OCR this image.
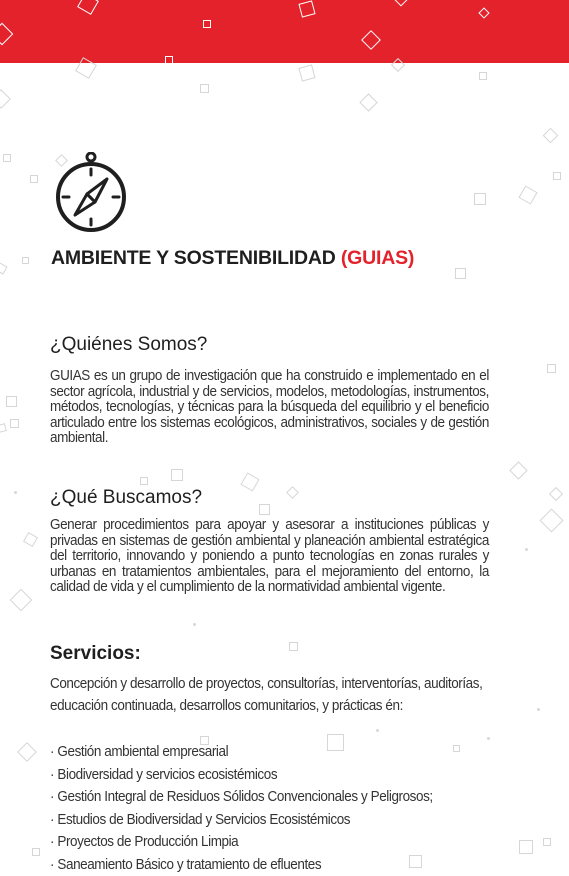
AMBIENTE Y SOSTENIBILIDAD (GUIAS)
¿Quiénes Somos?

GUIAS es un grupo de investigación que ha construido e implementado en el sector agrícola, industrial y de servicios, modelos, metodologías, instrumentos, métodos, tecnologías, y técnicas para la búsqueda del equilibrio y el beneficio articulado entre los sistemas ecológicos, administrativos, sociales y de gestión ambiental.

¿Qué Buscamos?

Generar procedimientos para apoyar y asesorar a instituciones públicas y privadas en sistemas de gestión ambiental y planeación ambiental estratégica del territorio, innovando y poniendo a punto tecnologías en zonas rurales y urbanas en tratamientos ambientales, para el mejoramiento del entorno, la calidad de vida y el cumplimiento de la normatividad ambiental vigente.

Servicios:

Concepción y desarrollo de proyectos, consultorías, interventorías, auditorías, educación continuada, desarrollos comunitarios, y prácticas én:

· Gestión ambiental empresarial
· Biodiversidad y servicios ecosistémicos
· Gestión Integral de Residuos Sólidos Convencionales y Peligrosos;
· Estudios de Biodiversidad y Servicios Ecosistémicos
· Proyectos de Producción Limpia
· Saneamiento Básico y tratamiento de efluentes
